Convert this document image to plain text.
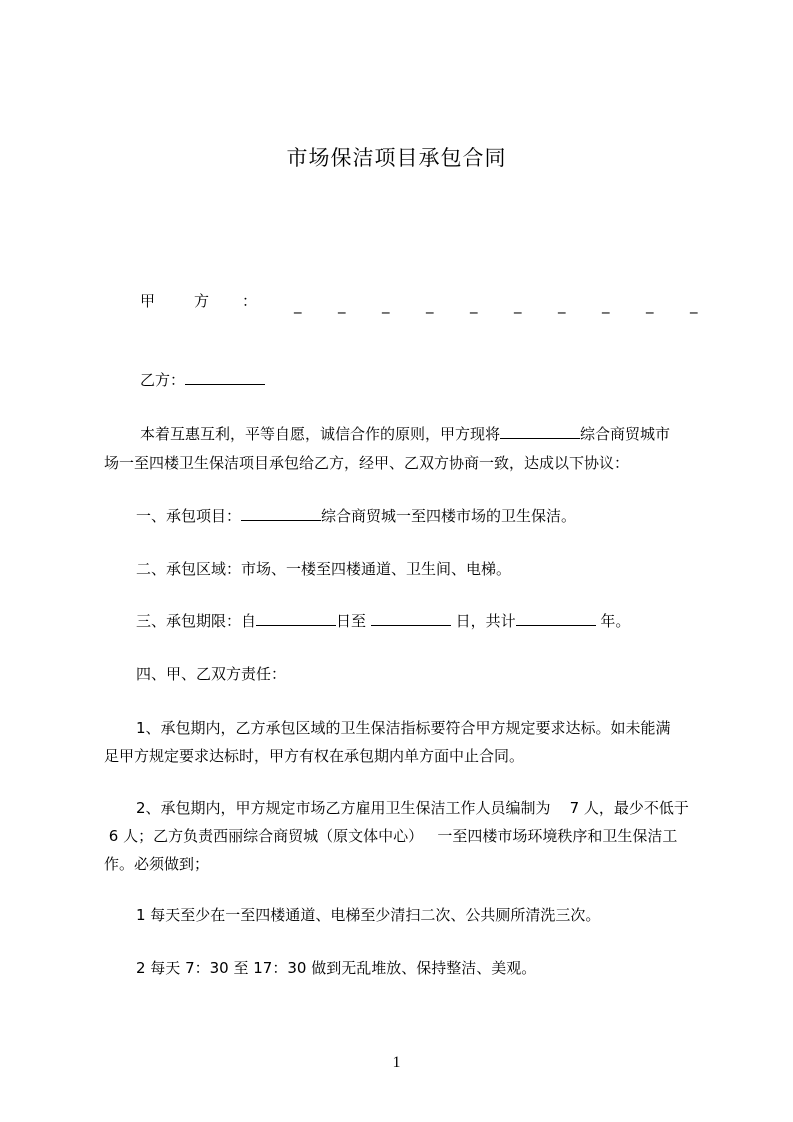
市场保洁项目承包合同
甲	方 ：	_ _ _ _ _ _ _ _ _ _
乙方：
本着互惠互利，平等自愿，诚信合作的原则，甲方现将	综合商贸城市
场一至四楼卫生保洁项目承包给乙方，经甲、乙双方协商一致，达成以下协议：
一、承包项目：	综合商贸城一至四楼市场的卫生保洁。
二、承包区域：市场、一楼至四楼通道、卫生间、电梯。
三、承包期限：自	日至	日，共计	年。
四、甲、乙双方责任：
1、承包期内，乙方承包区域的卫生保洁指标要符合甲方规定要求达标。如未能满
足甲方规定要求达标时，甲方有权在承包期内单方面中止合同。
2、承包期内，甲方规定市场乙方雇用卫生保洁工作人员编制为    7 人，最少不低于
6 人；乙方负责西丽综合商贸城（原文体中心）   一至四楼市场环境秩序和卫生保洁工
作。必须做到；
1 每天至少在一至四楼通道、电梯至少清扫二次、公共厕所清洗三次。
2 每天 7：30 至 17：30 做到无乱堆放、保持整洁、美观。
1
